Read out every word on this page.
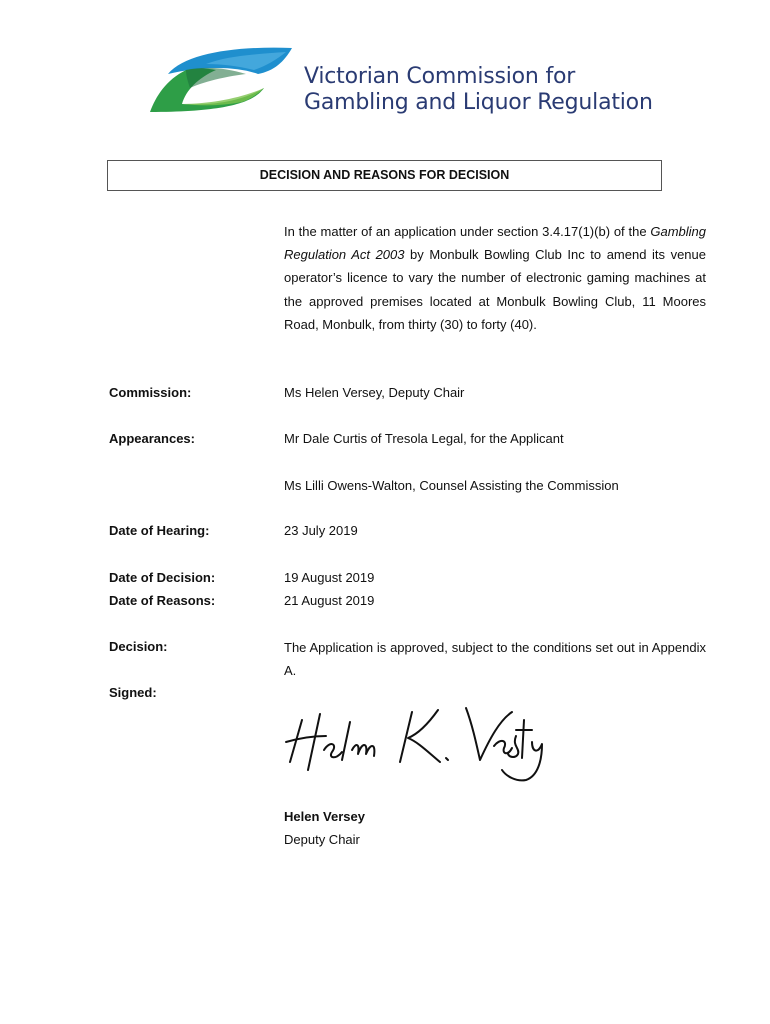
Victorian Commission for
Gambling and Liquor Regulation
DECISION AND REASONS FOR DECISION
In the matter of an application under section 3.4.17(1)(b) of the Gambling Regulation Act 2003 by Monbulk Bowling Club Inc to amend its venue operator’s licence to vary the number of electronic gaming machines at the approved premises located at Monbulk Bowling Club, 11 Moores Road, Monbulk, from thirty (30) to forty (40).
Commission:	Ms Helen Versey, Deputy Chair
Appearances:	Mr Dale Curtis of Tresola Legal, for the Applicant
Ms Lilli Owens-Walton, Counsel Assisting the Commission
Date of Hearing:	23 July 2019
Date of Decision:	19 August 2019
Date of Reasons:	21 August 2019
Decision:	The Application is approved, subject to the conditions set out in Appendix A.
Signed:
Helen Versey
Deputy Chair
